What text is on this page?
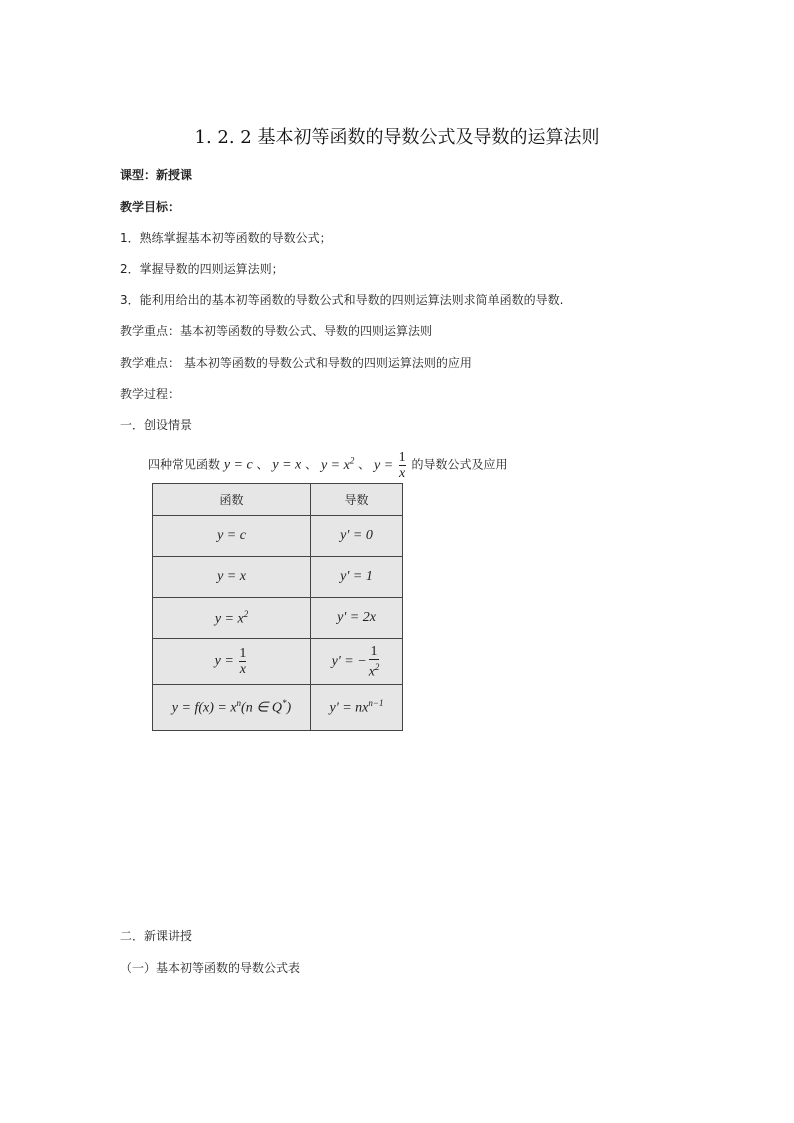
1. 2. 2 基本初等函数的导数公式及导数的运算法则
课型：新授课
教学目标：
1．熟练掌握基本初等函数的导数公式；
2．掌握导数的四则运算法则；
3．能利用给出的基本初等函数的导数公式和导数的四则运算法则求简单函数的导数.
教学重点：基本初等函数的导数公式、导数的四则运算法则
教学难点： 基本初等函数的导数公式和导数的四则运算法则的应用
教学过程：
一．创设情景
四种常见函数 y = c 、 y = x 、 $y = x^2$ 、 $y = \frac{1}{x}$ 的导数公式及应用
函数	导数
y = c	y' = 0
y = x	y' = 1
$y = x^2$	y' = 2x
$y = \frac{1}{x}$	y' = − $\frac{1}{x^2}$

$y = f(x) = x^n(n$ ∈ Q*)	$y' = nx^{n-1}$
二．新课讲授
（一）基本初等函数的导数公式表
